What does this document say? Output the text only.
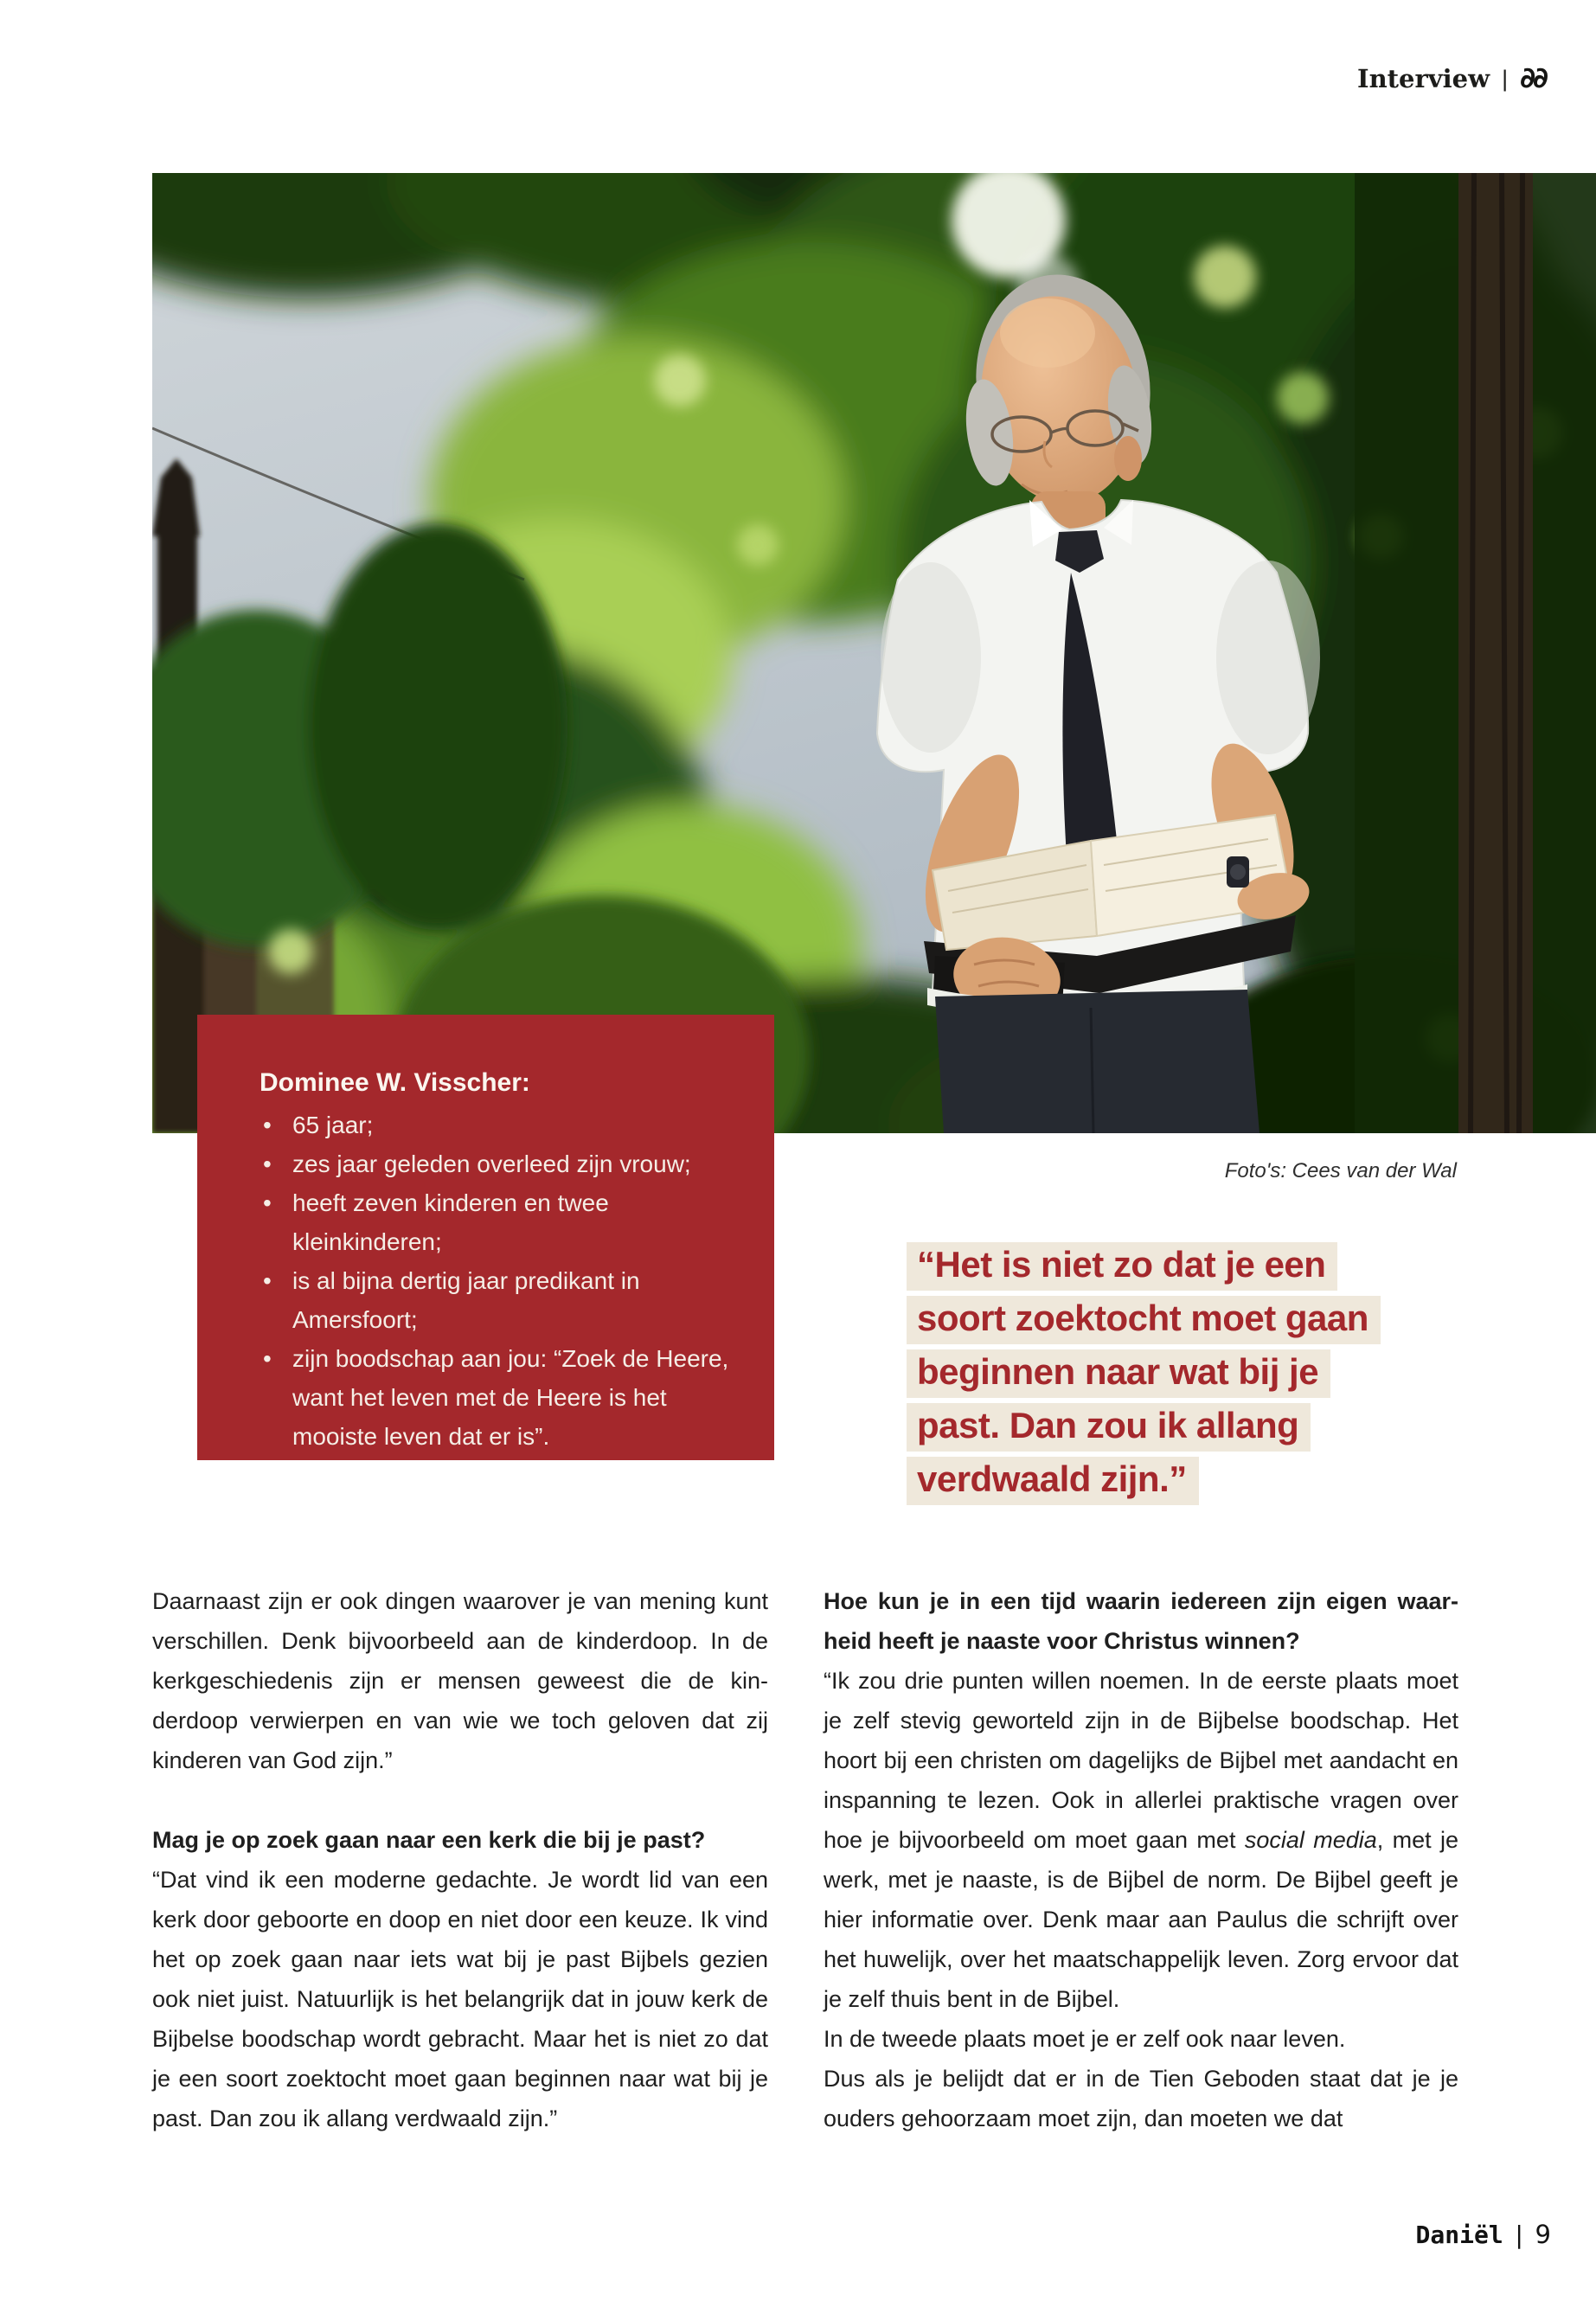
Interview | ∂∂
Foto's: Cees van der Wal
Dominee W. Visscher:
• 65 jaar;
• zes jaar geleden overleed zijn vrouw;
• heeft zeven kinderen en twee kleinkinderen;
• is al bijna dertig jaar predikant in Amersfoort;
• zijn boodschap aan jou: “Zoek de Heere, want het leven met de Heere is het mooiste leven dat er is”.
“Het is niet zo dat je een
soort zoektocht moet gaan
beginnen naar wat bij je
past. Dan zou ik allang
verdwaald zijn.”

Daarnaast zijn er ook dingen waarover je van mening kunt verschillen. Denk bijvoorbeeld aan de kinderdoop. In de kerkgeschiedenis zijn er mensen geweest die de kinderdoop verwierpen en van wie we toch geloven dat zij kinderen van God zijn.”

Mag je op zoek gaan naar een kerk die bij je past?

“Dat vind ik een moderne gedachte. Je wordt lid van een kerk door geboorte en doop en niet door een keuze. Ik vind het op zoek gaan naar iets wat bij je past Bijbels gezien ook niet juist. Natuurlijk is het belangrijk dat in jouw kerk de Bijbelse boodschap wordt gebracht. Maar het is niet zo dat je een soort zoektocht moet gaan beginnen naar wat bij je past. Dan zou ik allang verdwaald zijn.”

Hoe kun je in een tijd waarin iedereen zijn eigen waarheid heeft je naaste voor Christus winnen?

“Ik zou drie punten willen noemen. In de eerste plaats moet je zelf stevig geworteld zijn in de Bijbelse boodschap. Het hoort bij een christen om dagelijks de Bijbel met aandacht en inspanning te lezen. Ook in allerlei praktische vragen over hoe je bijvoorbeeld om moet gaan met social media, met je werk, met je naaste, is de Bijbel de norm. De Bijbel geeft je hier informatie over. Denk maar aan Paulus die schrijft over het huwelijk, over het maatschappelijk leven. Zorg ervoor dat je zelf thuis bent in de Bijbel.
In de tweede plaats moet je er zelf ook naar leven.
Dus als je belijdt dat er in de Tien Geboden staat dat je je ouders gehoorzaam moet zijn, dan moeten we dat

Daniël | 9
